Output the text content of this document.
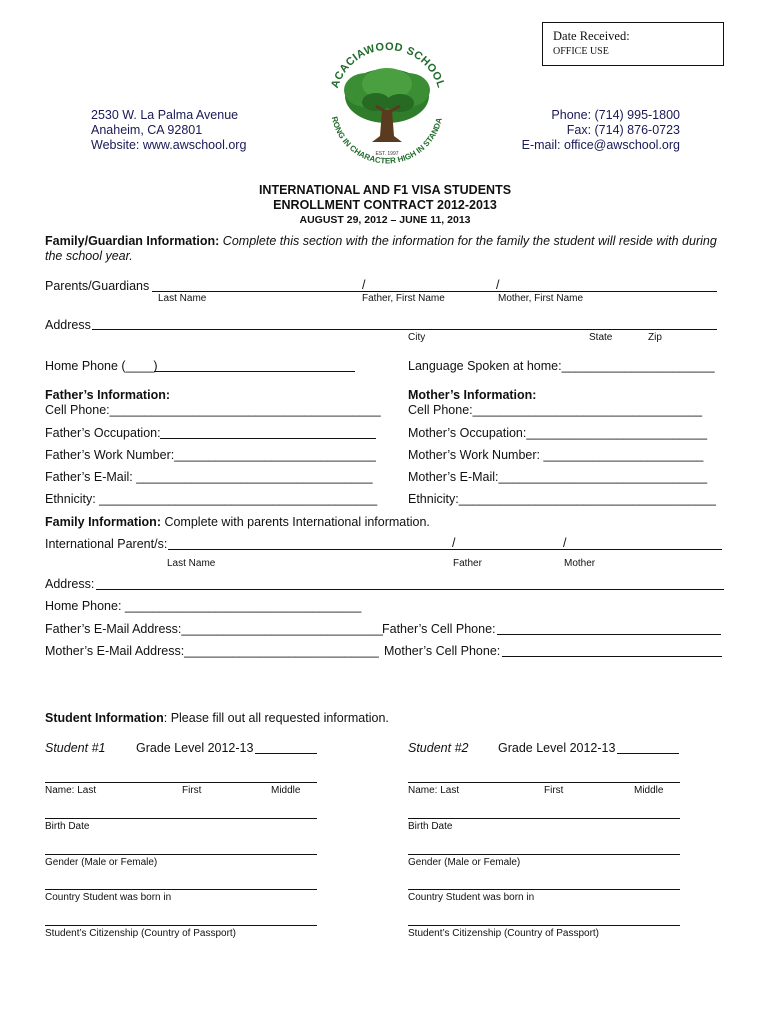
Date Received:
OFFICE USE
2530 W. La Palma Avenue
Anaheim, CA 92801
Website: www.awschool.org
Phone: (714) 995-1800
Fax: (714) 876-0723
E-mail: office@awschool.org
ACACIAWOOD SCHOOL
RONG IN CHARACTER HIGH IN STANDA
EST. 1997
INTERNATIONAL AND F1 VISA STUDENTS
ENROLLMENT CONTRACT 2012-2013
AUGUST 29, 2012 – JUNE 11, 2013
Family/Guardian Information: Complete this section with the information for the family the student will reside with during
the school year.
Parents/Guardians	/	/
Last Name	Father, First Name	Mother, First Name
Address
City	State	Zip
Home Phone (____)	Language Spoken at home:______________________
Father’s Information:
Cell Phone:_______________________________________
Father’s Occupation:
Father’s Work Number:_____________________________
Father’s E-Mail: __________________________________
Ethnicity: ________________________________________
Mother’s Information:
Cell Phone:_________________________________
Mother’s Occupation:__________________________
Mother’s Work Number: _______________________
Mother’s E-Mail:______________________________
Ethnicity:_____________________________________
Family Information: Complete with parents International information.
International Parent/s:	/	/
Last Name	Father	Mother
Address:
Home Phone: __________________________________
Father’s E-Mail Address:_____________________________
Father’s Cell Phone:
Mother’s E-Mail Address:____________________________ Mother’s Cell Phone:
Student Information: Please fill out all requested information.
Student #1 Grade Level 2012-13
Name: Last	First	Middle
Birth Date
Gender (Male or Female)
Country Student was born in
Student’s Citizenship (Country of Passport)
Student #2 Grade Level 2012-13
Name: Last	First	Middle
Birth Date
Gender (Male or Female)
Country Student was born in
Student’s Citizenship (Country of Passport)
